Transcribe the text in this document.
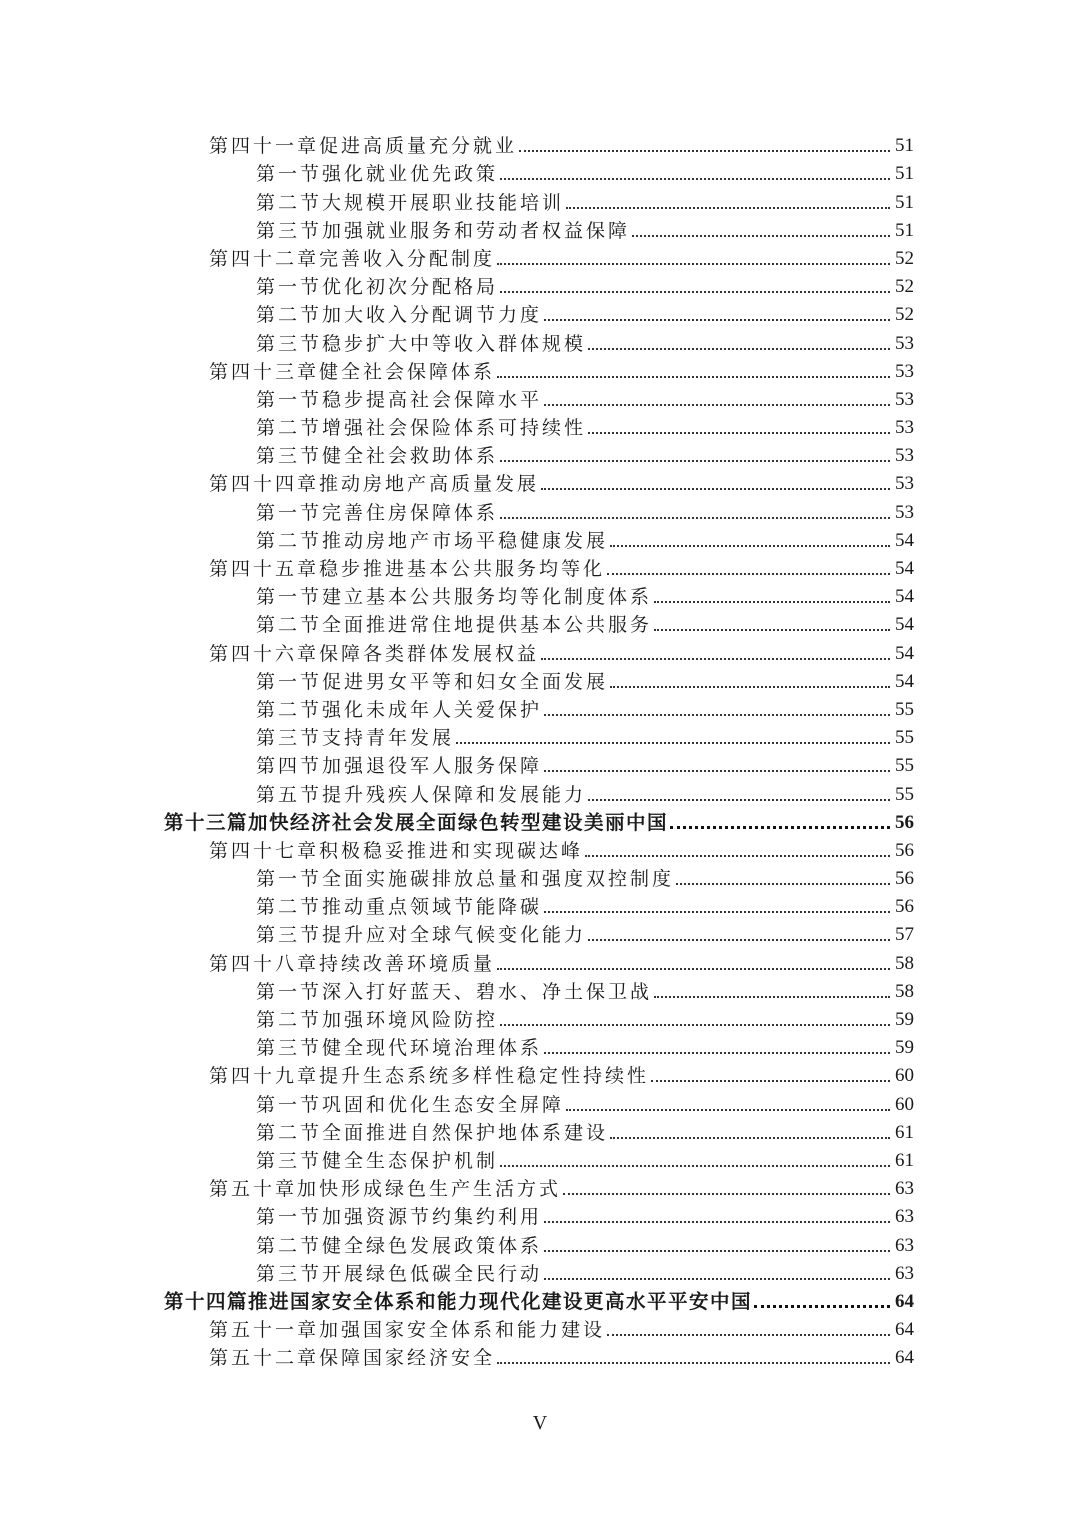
第四十一章促进高质量充分就业	51
第一节强化就业优先政策	51
第二节大规模开展职业技能培训	51
第三节加强就业服务和劳动者权益保障	51
第四十二章完善收入分配制度	52
第一节优化初次分配格局	52
第二节加大收入分配调节力度	52
第三节稳步扩大中等收入群体规模	53
第四十三章健全社会保障体系	53
第一节稳步提高社会保障水平	53
第二节增强社会保险体系可持续性	53
第三节健全社会救助体系	53
第四十四章推动房地产高质量发展	53
第一节完善住房保障体系	53
第二节推动房地产市场平稳健康发展	54
第四十五章稳步推进基本公共服务均等化	54
第一节建立基本公共服务均等化制度体系	54
第二节全面推进常住地提供基本公共服务	54
第四十六章保障各类群体发展权益	54
第一节促进男女平等和妇女全面发展	54
第二节强化未成年人关爱保护	55
第三节支持青年发展	55
第四节加强退役军人服务保障	55
第五节提升残疾人保障和发展能力	55
第十三篇加快经济社会发展全面绿色转型建设美丽中国	56
第四十七章积极稳妥推进和实现碳达峰	56
第一节全面实施碳排放总量和强度双控制度	56
第二节推动重点领域节能降碳	56
第三节提升应对全球气候变化能力	57
第四十八章持续改善环境质量	58
第一节深入打好蓝天、碧水、净土保卫战	58
第二节加强环境风险防控	59
第三节健全现代环境治理体系	59
第四十九章提升生态系统多样性稳定性持续性	60
第一节巩固和优化生态安全屏障	60
第二节全面推进自然保护地体系建设	61
第三节健全生态保护机制	61
第五十章加快形成绿色生产生活方式	63
第一节加强资源节约集约利用	63
第二节健全绿色发展政策体系	63
第三节开展绿色低碳全民行动	63
第十四篇推进国家安全体系和能力现代化建设更高水平平安中国	64
第五十一章加强国家安全体系和能力建设	64
第五十二章保障国家经济安全	64
V
